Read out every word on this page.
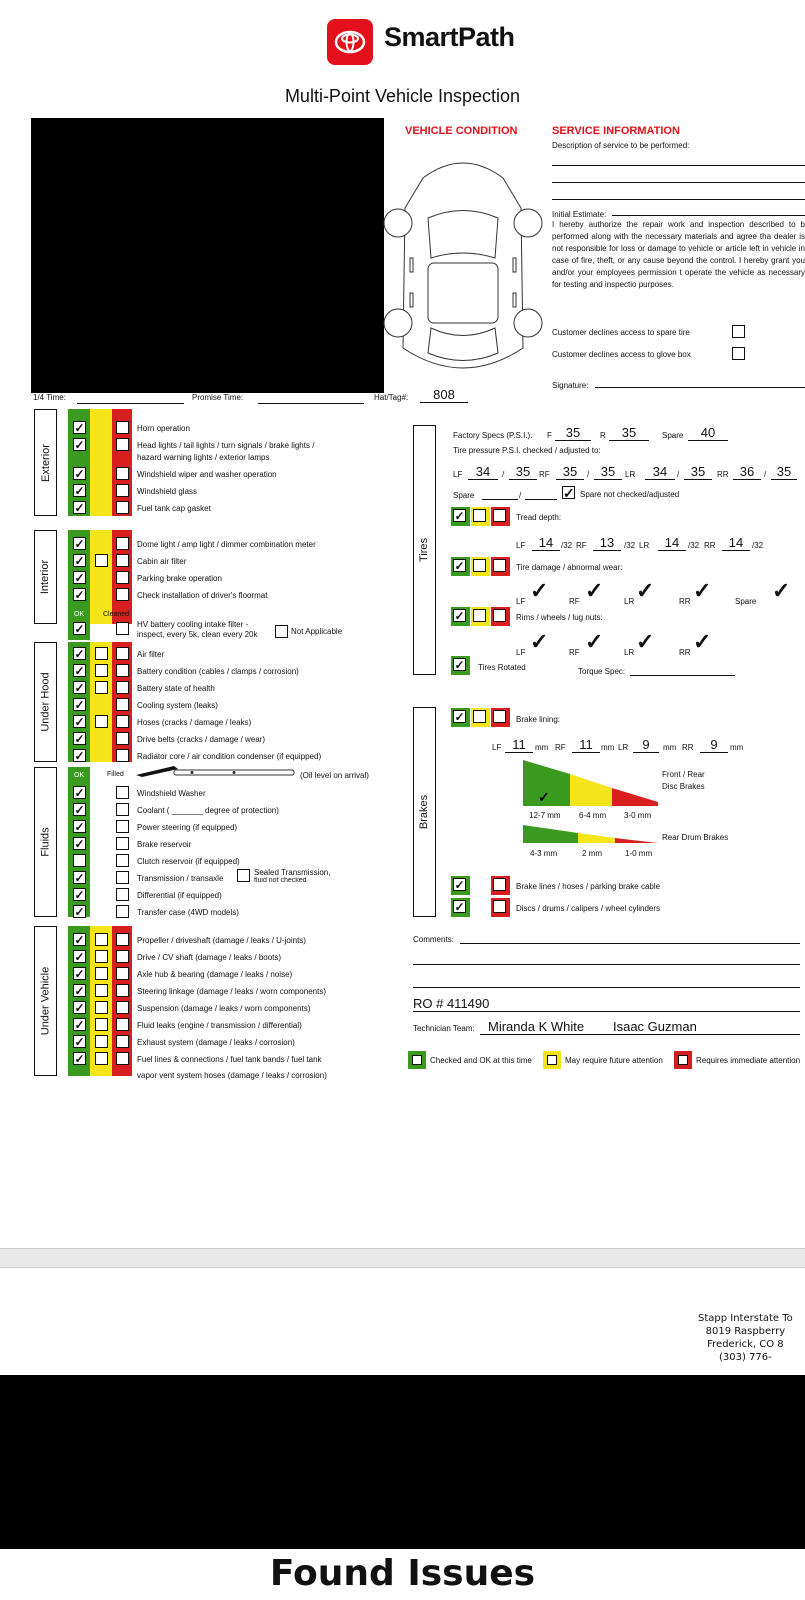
SmartPath
Multi-Point Vehicle Inspection
VEHICLE CONDITION	SERVICE INFORMATION
Description of service to be performed:
Initial Estimate:
I hereby authorize the repair work and inspection described to b performed along with the necessary materials and agree tha dealer is not responsible for loss or damage to vehicle or article left in vehicle in case of fire, theft, or any cause beyond the control. I hereby grant you and/or your employees permission t operate the vehicle as necessary for testing and inspectio purposes.
Customer declines access to spare tire
Customer declines access to glove box
Signature:
1/4 Time:	Promise Time:	Hat/Tag#:	808
Exterior
Interior
Under Hood
Fluids
Under Vehicle
✓	Horn operation
✓	Head lights / tail lights / turn signals / brake lights /
hazard warning lights / exterior lamps
✓	Windshield wiper and washer operation
✓	Windshield glass
✓	Fuel tank cap gasket
✓	Dome light / amp light / dimmer combination meter
✓	Cabin air filter
✓	Parking brake operation
✓	Check installation of driver's floormat
OK	Cleaned
✓	HV battery cooling intake filter -
inspect, every 5k, clean every 20k	Not Applicable
✓	Air filter
✓	Battery condition (cables / clamps / corrosion)
✓	Battery state of health
✓	Cooling system (leaks)
✓	Hoses (cracks / damage / leaks)
✓	Drive belts (cracks / damage / wear)
✓	Radiator core / air condition condenser (if equipped)
OK	Filled	(Oil level on arrival)
✓	Windshield Washer
✓	Coolant ( _______ degree of protection)
✓	Power steering (if equipped)
✓	Brake reservoir
Clutch reservoir (if equipped)
✓	Transmission / transaxle
Sealed Transmission,
fluid not checked
✓	Differential (if equipped)
✓	Transfer case (4WD models)
✓	Propeller / driveshaft (damage / leaks / U-joints)
✓	Drive / CV shaft (damage / leaks / boots)
✓	Axle hub & bearing (damage / leaks / noise)
✓	Steering linkage (damage / leaks / worn components)
✓	Suspension (damage / leaks / worn components)
✓	Fluid leaks (engine / transmission / differential)
✓	Exhaust system (damage / leaks / corrosion)
✓	Fuel lines & connections / fuel tank bands / fuel tank
vapor vent system hoses (damage / leaks / corrosion)
Tires
Factory Specs (P.S.I.). F	35	R	35	Spare	40
Tire pressure P.S.I. checked / adjusted to:
LF	34	/ 35	RF	35	/ 35	LR	34	/ 35	RR 36	/ 35
Spare	/	✓ Spare not checked/adjusted
✓	Tread depth:
LF	14 /32 RF	13	/32 LR	14	/32 RR	14	/32
✓	Tire damage / abnormal wear:
LF ✓	RF ✓	LR ✓	RR ✓	Spare ✓
✓	Rims / wheels / lug nuts:
LF ✓	RF ✓	LR ✓	RR ✓
✓ Tires Rotated	Torque Spec:
Brakes
✓	Brake lining:
LF 11	mm RF	11	mm LR	9	mm RR	9	mm
✓
12-7 mm 6-4 mm 3-0 mm
Front / Rear
Disc Brakes
4-3 mm	2 mm	1-0 mm
Rear Drum Brakes
✓	Brake lines / hoses / parking brake cable
✓	Discs / drums / calipers / wheel cylinders
Comments:
RO # 411490
Technician Team: Miranda K White        Isaac Guzman
Checked and OK at this time	May require future attention	Requires immediate attention
Stapp Interstate To
8019 Raspberry
Frederick, CO 8
(303) 776-
Found Issues
